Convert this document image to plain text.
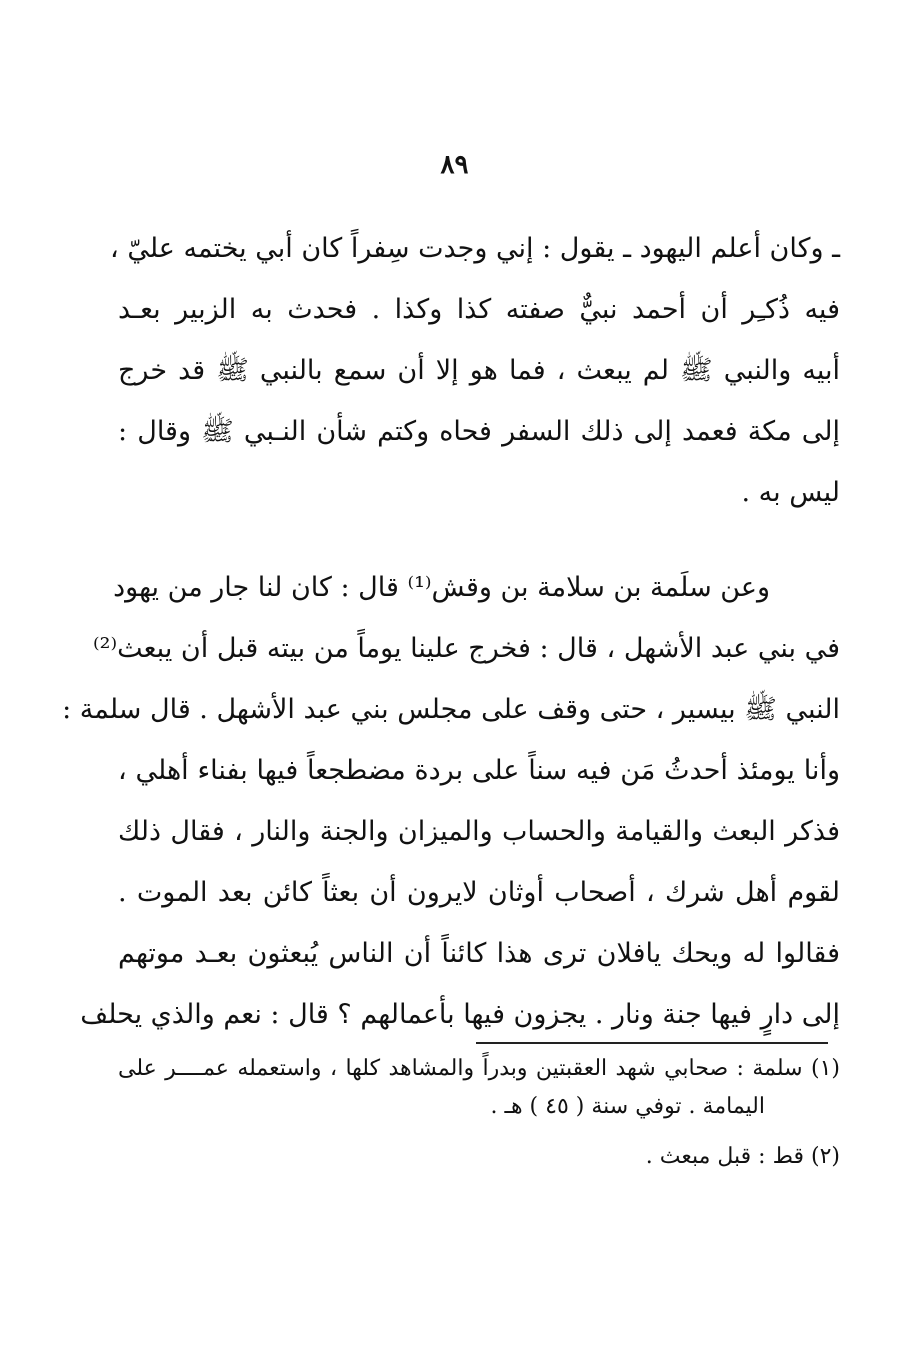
٨٩
ـ وكان أعلم اليهود ـ يقول : إني وجدت سِفراً كان أبي يختمه عليّ ،
فيه ذُكـِر أن أحمد نبيٌّ صفته كذا وكذا . فحدث به الزبير بعـد
أبيه والنبي ﷺ لم يبعث ، فما هو إلا أن سمع بالنبي ﷺ قد خرج
إلى مكة فعمد إلى ذلك السفر فحاه وكتم شأن النـبي ﷺ وقال :
ليس به .
وعن سلَمة بن سلامة بن وقش⁽¹⁾ قال : كان لنا جار من يهود
في بني عبد الأشهل ، قال : فخرج علينا يوماً من بيته قبل أن يبعث⁽²⁾
النبي ﷺ بيسير ، حتى وقف على مجلس بني عبد الأشهل . قال سلمة :
وأنا يومئذ أحدثُ مَن فيه سناً على بردة مضطجعاً فيها بفناء أهلي ،
فذكر البعث والقيامة والحساب والميزان والجنة والنار ، فقال ذلك
لقوم أهل شرك ، أصحاب أوثان لايرون أن بعثاً كائن بعد الموت .
فقالوا له ويحك يافلان ترى هذا كائناً أن الناس يُبعثون بعـد موتهم
إلى دارٍ فيها جنة ونار . يجزون فيها بأعمالهم ؟ قال : نعم والذي يحلف
(١) سلمة : صحابي شهد العقبتين وبدراً والمشاهد كلها ، واستعمله عمــــر على
اليمامة . توفي سنة ( ٤٥ ) هـ .
(٢) قط : قبل مبعث .
